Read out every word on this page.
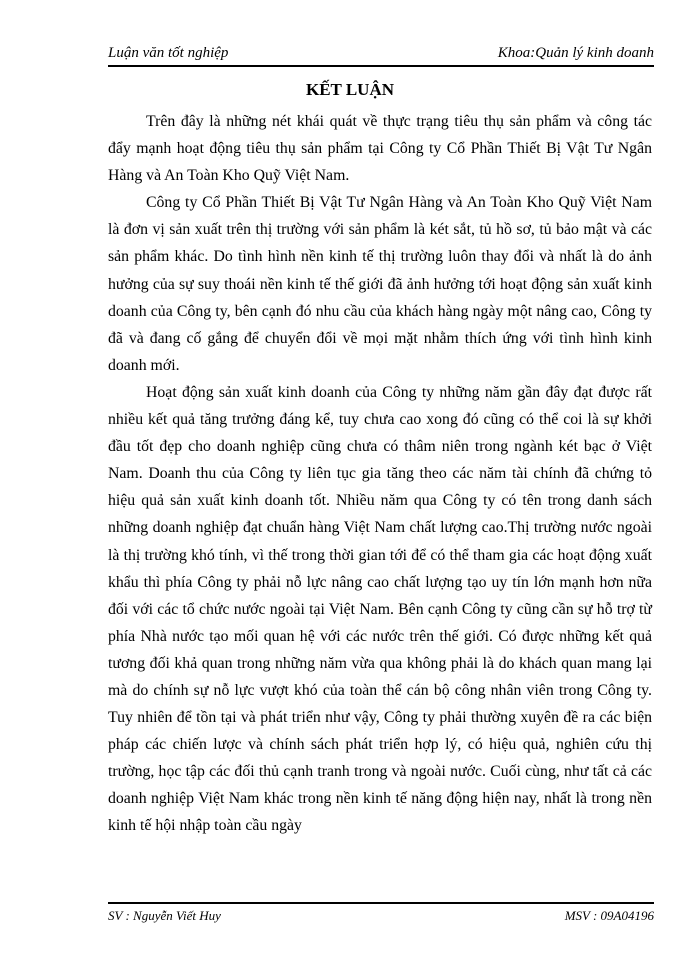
Luận văn tốt nghiệp	Khoa:Quản lý kinh doanh
KẾT LUẬN

Trên đây là những nét khái quát về thực trạng tiêu thụ sản phẩm và công tác đẩy mạnh hoạt động tiêu thụ sản phẩm tại Công ty Cổ Phần Thiết Bị Vật Tư Ngân Hàng và An Toàn Kho Quỹ Việt Nam.

Công ty Cổ Phần Thiết Bị Vật Tư Ngân Hàng và An Toàn Kho Quỹ Việt Nam là đơn vị sản xuất trên thị trường với sản phẩm là két sắt, tủ hồ sơ, tủ bảo mật và các sản phẩm khác. Do tình hình nền kinh tế thị trường luôn thay đổi và nhất là do ảnh hưởng của sự suy thoái nền kinh tế thế giới đã ảnh hưởng tới hoạt động sản xuất kinh doanh của Công ty, bên cạnh đó nhu cầu của khách hàng ngày một nâng cao, Công ty đã và đang cố gắng để chuyển đổi về mọi mặt nhằm thích ứng với tình hình kinh doanh mới.

Hoạt động sản xuất kinh doanh của Công ty những năm gần đây đạt được rất nhiều kết quả tăng trưởng đáng kể, tuy chưa cao xong đó cũng có thể coi là sự khởi đầu tốt đẹp cho doanh nghiệp cũng chưa có thâm niên trong ngành két bạc ở Việt Nam. Doanh thu của Công ty liên tục gia tăng theo các năm tài chính đã chứng tỏ hiệu quả sản xuất kinh doanh tốt. Nhiều năm qua Công ty có tên trong danh sách những doanh nghiệp đạt chuẩn hàng Việt Nam chất lượng cao.Thị trường nước ngoài là thị trường khó tính, vì thế trong thời gian tới để có thể tham gia các hoạt động xuất khẩu thì phía Công ty phải nỗ lực nâng cao chất lượng tạo uy tín lớn mạnh hơn nữa đối với các tổ chức nước ngoài tại Việt Nam. Bên cạnh Công ty cũng cần sự hỗ trợ từ phía Nhà nước tạo mối quan hệ với các nước trên thế giới. Có được những kết quả tương đối khả quan trong những năm vừa qua không phải là do khách quan mang lại mà do chính sự nỗ lực vượt khó của toàn thể cán bộ công nhân viên trong Công ty. Tuy nhiên để tồn tại và phát triển như vậy, Công ty phải thường xuyên đề ra các biện pháp các chiến lược và chính sách phát triển hợp lý, có hiệu quả, nghiên cứu thị trường, học tập các đối thủ cạnh tranh trong và ngoài nước. Cuối cùng, như tất cả các doanh nghiệp Việt Nam khác trong nền kinh tế năng động hiện nay, nhất là trong nền kinh tế hội nhập toàn cầu ngày

SV : Nguyễn Viết Huy	MSV : 09A04196
